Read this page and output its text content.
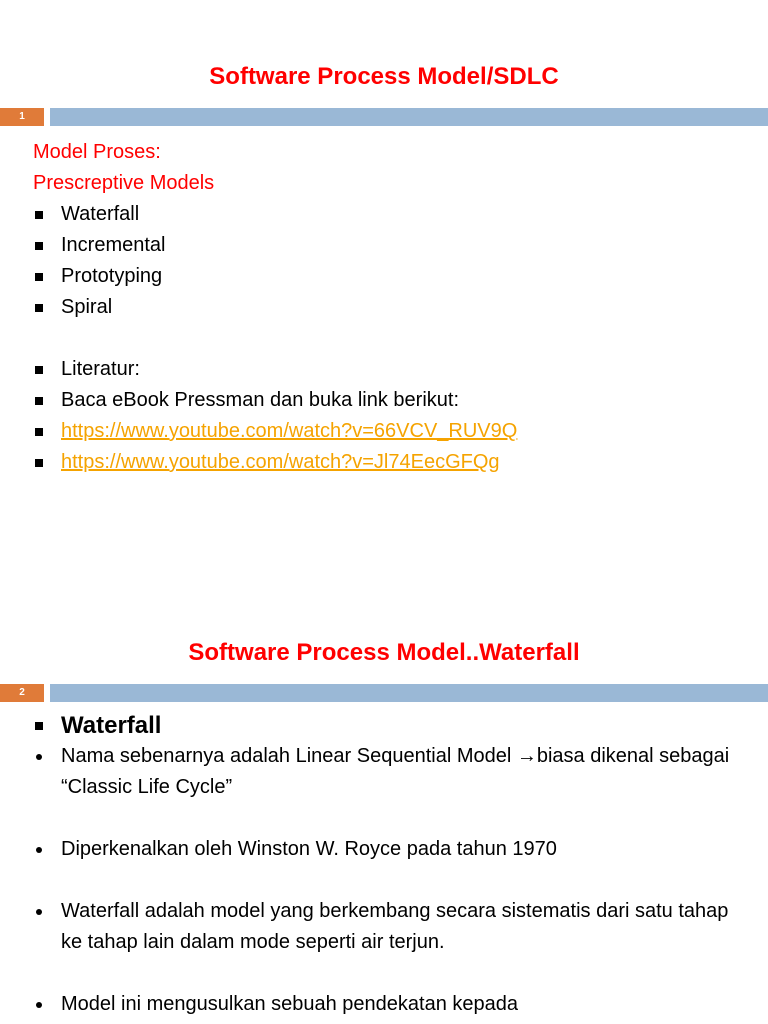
Software Process Model/SDLC
1
Model Proses:
Prescreptive Models
Waterfall
Incremental
Prototyping
Spiral
Literatur:
Baca eBook Pressman dan buka link berikut:
https://www.youtube.com/watch?v=66VCV_RUV9Q
https://www.youtube.com/watch?v=Jl74EecGFQg
Software Process Model..Waterfall
2
Waterfall
Nama sebenarnya adalah Linear Sequential Model →biasa dikenal sebagai “Classic Life Cycle”
Diperkenalkan oleh Winston W. Royce pada tahun 1970
Waterfall adalah model yang berkembang secara sistematis dari satu tahap ke tahap lain dalam mode seperti air terjun.
Model ini mengusulkan sebuah pendekatan kepada
